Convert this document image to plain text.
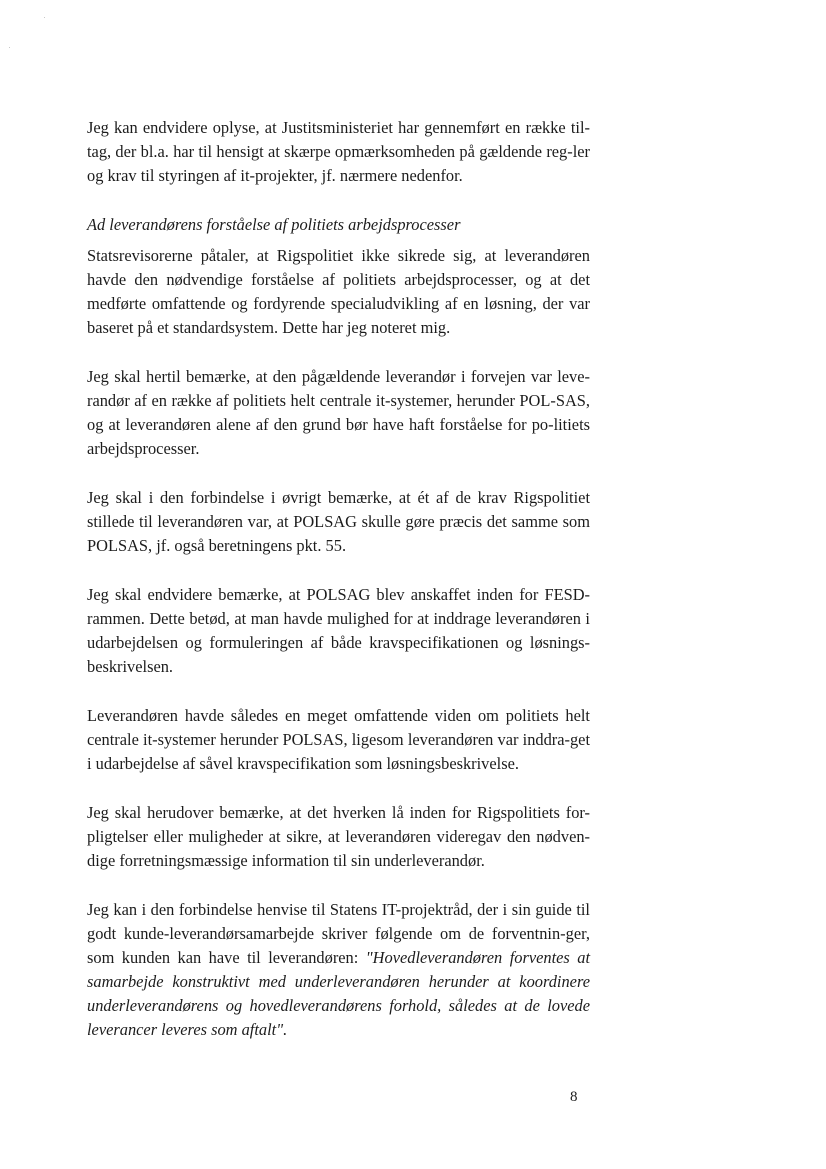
Jeg kan endvidere oplyse, at Justitsministeriet har gennemført en række til-tag, der bl.a. har til hensigt at skærpe opmærksomheden på gældende reg-ler og krav til styringen af it-projekter, jf. nærmere nedenfor.

Ad leverandørens forståelse af politiets arbejdsprocesser

Statsrevisorerne påtaler, at Rigspolitiet ikke sikrede sig, at leverandøren havde den nødvendige forståelse af politiets arbejdsprocesser, og at det medførte omfattende og fordyrende specialudvikling af en løsning, der var baseret på et standardsystem. Dette har jeg noteret mig.

Jeg skal hertil bemærke, at den pågældende leverandør i forvejen var leve-randør af en række af politiets helt centrale it-systemer, herunder POL-SAS, og at leverandøren alene af den grund bør have haft forståelse for po-litiets arbejdsprocesser.

Jeg skal i den forbindelse i øvrigt bemærke, at ét af de krav Rigspolitiet stillede til leverandøren var, at POLSAG skulle gøre præcis det samme som POLSAS, jf. også beretningens pkt. 55.

Jeg skal endvidere bemærke, at POLSAG blev anskaffet inden for FESD-rammen. Dette betød, at man havde mulighed for at inddrage leverandøren i udarbejdelsen og formuleringen af både kravspecifikationen og løsnings-beskrivelsen.

Leverandøren havde således en meget omfattende viden om politiets helt centrale it-systemer herunder POLSAS, ligesom leverandøren var inddra-get i udarbejdelse af såvel kravspecifikation som løsningsbeskrivelse.

Jeg skal herudover bemærke, at det hverken lå inden for Rigspolitiets for-pligtelser eller muligheder at sikre, at leverandøren videregav den nødven-dige forretningsmæssige information til sin underleverandør.

Jeg kan i den forbindelse henvise til Statens IT-projektråd, der i sin guide til godt kunde-leverandørsamarbejde skriver følgende om de forventnin-ger, som kunden kan have til leverandøren: "Hovedleverandøren forventes at samarbejde konstruktivt med underleverandøren herunder at koordinere underleverandørens og hovedleverandørens forhold, således at de lovede leverancer leveres som aftalt".

8
